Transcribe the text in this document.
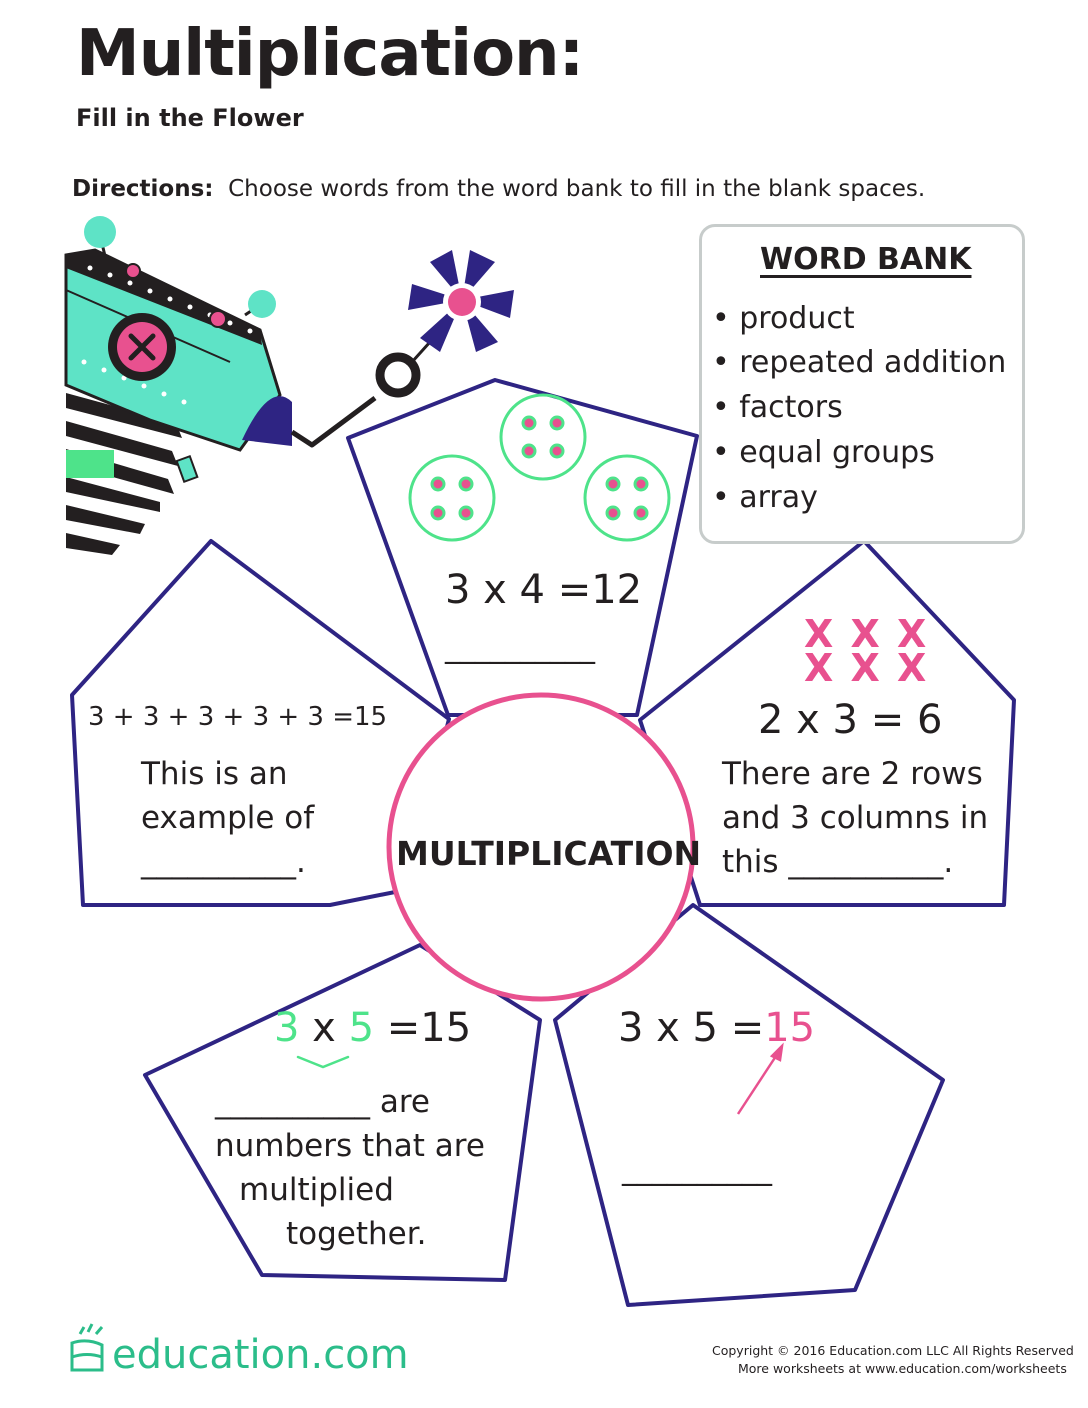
Multiplication:
Fill in the Flower
Directions: Choose words from the word bank to fill in the blank spaces.
WORD BANK
• product
• repeated addition
• factors
• equal groups
• array
3 x 4 =12
__________
3 + 3 + 3 + 3 + 3 =15
This is an
example of
__________.
X X X
X X X
2 x 3 = 6
There are 2 rows
and 3 columns in
this __________.
MULTIPLICATION
3 x 5 =15
__________ are
numbers that are
multiplied
together.
3 x 5 =15
__________
education.com	Copyright © 2016 Education.com LLC All Rights Reserved
More worksheets at www.education.com/worksheets
